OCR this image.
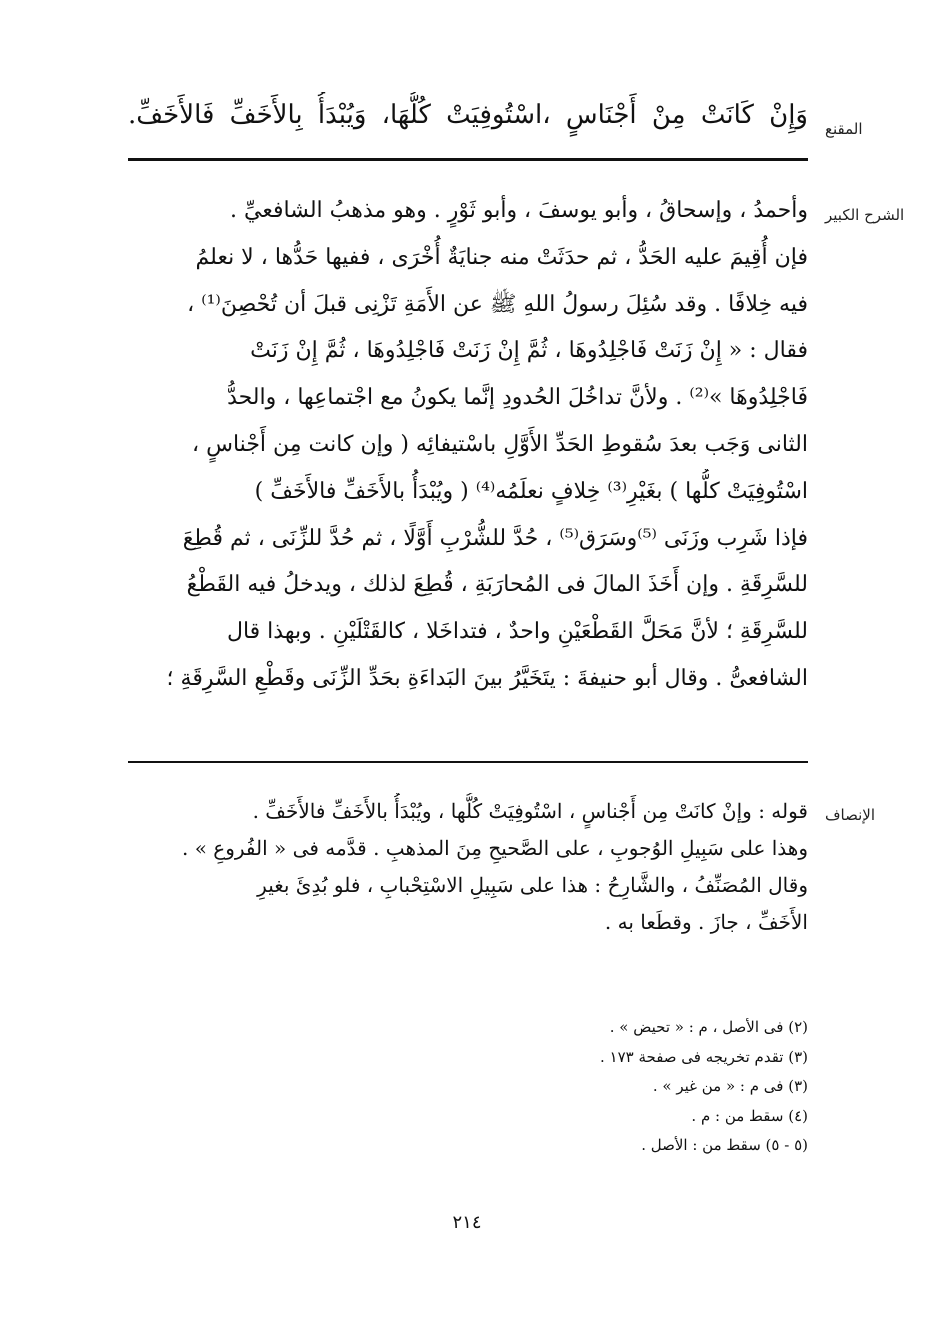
المقنع
وَإِنْ كَانَتْ مِنْ أَجْنَاسٍ ،اسْتُوفِيَتْ كُلُّهَا، وَيُبْدَأُ بِالأَخَفِّ فَالأَخَفِّ.
الشرح الكبير
وأحمدُ ، وإسحاقُ ، وأبو يوسفَ ، وأبو ثَوْرٍ . وهو مذهبُ الشافعيِّ .
فإن أُقِيمَ عليه الحَدُّ ، ثم حدَثَتْ منه جنايَةٌ أُخْرَى ، ففيها حَدُّها ، لا نعلمُ
فيه خِلافًا . وقد سُئِلَ رسولُ اللهِ ﷺ عن الأَمَةِ تَزْنِى قبلَ أن تُحْصِنَ⁽¹⁾ ،
فقال : « إِنْ زَنَتْ فَاجْلِدُوهَا ، ثُمَّ إِنْ زَنَتْ فَاجْلِدُوهَا ، ثُمَّ إِنْ زَنَتْ
فَاجْلِدُوهَا »⁽²⁾ . ولأنَّ تداخُلَ الحُدودِ إنَّما يكونُ مع اجْتماعِها ، والحدُّ
الثانى وَجَب بعدَ سُقوطِ الحَدِّ الأَوَّلِ باسْتيفائِه ( وإن كانت مِن أَجْناسٍ ،
اسْتُوفِيَتْ كلُّها ) بغَيْرِ⁽³⁾ خِلافٍ نعلَمُه⁽⁴⁾ ( ويُبْدَأُ بالأَخَفِّ فالأَخَفِّ )
فإذا شَرِب وزَنَى ⁽⁵⁾وسَرَق⁽⁵⁾ ، حُدَّ للشُّرْبِ أَوَّلًا ، ثم حُدَّ للزِّنَى ، ثم قُطِعَ
للسَّرِقَةِ . وإن أَخَذَ المالَ فى المُحارَبَةِ ، قُطِعَ لذلك ، ويدخلُ فيه القَطْعُ
للسَّرِقَةِ ؛ لأنَّ مَحَلَّ القَطْعَيْنِ واحدٌ ، فتداخَلا ، كالقَتْلَيْنِ . وبهذا قال
الشافعىُّ . وقال أبو حنيفةَ : يتَخَيَّرُ بينَ البَداءَةِ بحَدِّ الزِّنَى وقَطْعِ السَّرِقَةِ ؛
الإنصاف
قوله : وإنْ كانَتْ مِن أَجْناسٍ ، اسْتُوفِيَتْ كُلُّها ، ويُبْدَأُ بالأَخَفِّ فالأَخَفِّ .
وهذا على سَبِيلِ الوُجوبِ ، على الصَّحيحِ مِنَ المذهبِ . قدَّمه فى « الفُروعِ » .
وقال المُصَنِّفُ ، والشَّارِحُ : هذا على سَبِيلِ الاسْتِحْبابِ ، فلو بُدِئَ بغيرِ
الأَخَفِّ ، جازَ . وقطَعا به .
(٢) فى الأصل ، م : « تحيض » .
(٣) تقدم تخريجه فى صفحة ١٧٣ .
(٣) فى م : « من غير » .
(٤) سقط من : م .
(٥ - ٥) سقط من : الأصل .
٢١٤
